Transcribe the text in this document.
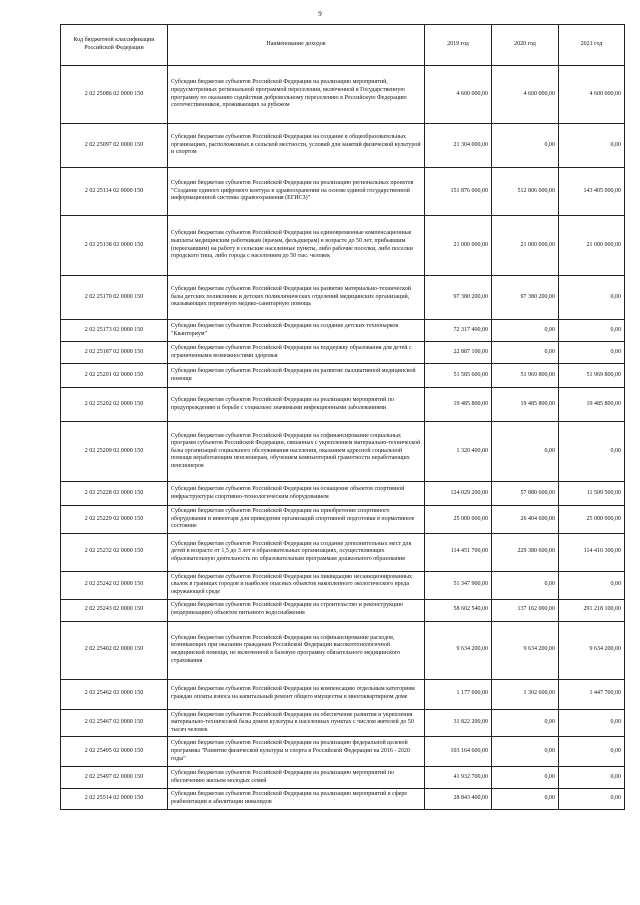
9
Код бюджетной классификации Российской Федерации	Наименование доходов	2019 год	2020 год	2021 год
2 02 25086 02 0000 150	Субсидии бюджетам субъектов Российской Федерации на реализацию мероприятий, предусмотренных региональной программой переселения, включенной в Государственную программу по оказанию содействия добровольному переселению в Российскую Федерацию соотечественников, проживающих за рубежом	4 600 000,00	4 600 000,00	4 600 000,00
2 02 25097 02 0000 150	Субсидии бюджетам субъектов Российской Федерации на создание в общеобразовательных организациях, расположенных в сельской местности, условий для занятий физической культурой и спортом	21 304 000,00	0,00	0,00
2 02 25114 02 0000 150	Субсидии бюджетам субъектов Российской Федерации на реализацию региональных проектов "Создание единого цифрового контура в здравоохранении на основе единой государственной информационной системы здравоохранения (ЕГИСЗ)"	151 876 000,00	512 806 000,00	143 405 000,00
2 02 25138 02 0000 150	Субсидии бюджетам субъектов Российской Федерации на единовременные компенсационные выплаты медицинским работникам (врачам, фельдшерам) в возрасте до 50 лет, прибывшим (переехавшим) на работу в сельские населенные пункты, либо рабочие поселки, либо поселки городского типа, либо города с населением до 50 тыс. человек	21 000 000,00	21 000 000,00	21 000 000,00
2 02 25170 02 0000 150	Субсидии бюджетам субъектов Российской Федерации на развитие материально-технической базы детских поликлиник и детских поликлинических отделений медицинских организаций, оказывающих первичную медико-санитарную помощь	97 380 200,00	97 380 200,00	0,00
2 02 25173 02 0000 150	Субсидии бюджетам субъектов Российской Федерации на создание детских технопарков "Кванториум"	72 317 400,00	0,00	0,00
2 02 25187 02 0000 150	Субсидии бюджетам субъектов Российской Федерации на поддержку образования для детей с ограниченными возможностями здоровья	22 887 100,00	0,00	0,00
2 02 25201 02 0000 150	Субсидии бюджетам субъектов Российской Федерации на развитие паллиативной медицинской помощи	51 585 600,00	51 969 800,00	51 969 800,00
2 02 25202 02 0000 150	Субсидии бюджетам субъектов Российской Федерации на реализацию мероприятий по предупреждению и борьбе с социально значимыми инфекционными заболеваниями	19 485 800,00	19 485 800,00	19 485 800,00
2 02 25209 02 0000 150	Субсидии бюджетам субъектов Российской Федерации на софинансирование социальных программ субъектов Российской Федерации, связанных с укреплением материально-технической базы организаций социального обслуживания населения, оказанием адресной социальной помощи неработающим пенсионерам, обучением компьютерной грамотности неработающих пенсионеров	1 320 400,00	0,00	0,00
2 02 25228 02 0000 150	Субсидии бюджетам субъектов Российской Федерации на оснащение объектов спортивной инфраструктуры спортивно-технологическим оборудованием	124 029 200,00	57 880 600,00	11 509 500,00
2 02 25229 02 0000 150	Субсидии бюджетам субъектов Российской Федерации на приобретение спортивного оборудования и инвентаря для приведения организаций спортивной подготовки в нормативное состояние	25 000 000,00	26 404 600,00	25 000 000,00
2 02 25232 02 0000 150	Субсидии бюджетам субъектов Российской Федерации на создание дополнительных мест для детей в возрасте от 1,5 до 3 лет в образовательных организациях, осуществляющих образовательную деятельность по образовательным программам дошкольного образования	114 451 700,00	229 380 600,00	114 410 300,00
2 02 25242 02 0000 150	Субсидии бюджетам субъектов Российской Федерации на ликвидацию несанкционированных свалок в границах городов и наиболее опасных объектов накопленного экологического вреда окружающей среде	51 347 900,00	0,00	0,00
2 02 25243 02 0000 150	Субсидии бюджетам субъектов Российской Федерации на строительство и реконструкцию (модернизацию) объектов питьевого водоснабжения	58 602 540,00	137 162 000,00	291 218 100,00
2 02 25402 02 0000 150	Субсидии бюджетам субъектов Российской Федерации на софинансирование расходов, возникающих при оказании гражданам Российской Федерации высокотехнологичной медицинской помощи, не включенной в базовую программу обязательного медицинского страхования	9 634 200,00	9 634 200,00	9 634 200,00
2 02 25462 02 0000 150	Субсидии бюджетам субъектов Российской Федерации на компенсацию отдельным категориям граждан оплаты взноса на капитальный ремонт общего имущества в многоквартирном доме	1 177 600,00	1 302 600,00	1 447 700,00
2 02 25467 02 0000 150	Субсидии бюджетам субъектов Российской Федерации на обеспечение развития и укрепления материально-технической базы домов культуры в населенных пунктах с числом жителей до 50 тысяч человек	31 822 200,00	0,00	0,00
2 02 25495 02 0000 150	Субсидии бюджетам субъектов Российской Федерации на реализацию федеральной целевой программы "Развитие физической культуры и спорта в Российской Федерации на 2016 - 2020 годы"	103 164 600,00	0,00	0,00
2 02 25497 02 0000 150	Субсидии бюджетам субъектов Российской Федерации на реализацию мероприятий по обеспечению жильем молодых семей	41 932 700,00	0,00	0,00
2 02 25514 02 0000 150	Субсидии бюджетам субъектов Российской Федерации на реализацию мероприятий в сфере реабилитации и абилитации инвалидов	28 843 400,00	0,00	0,00
